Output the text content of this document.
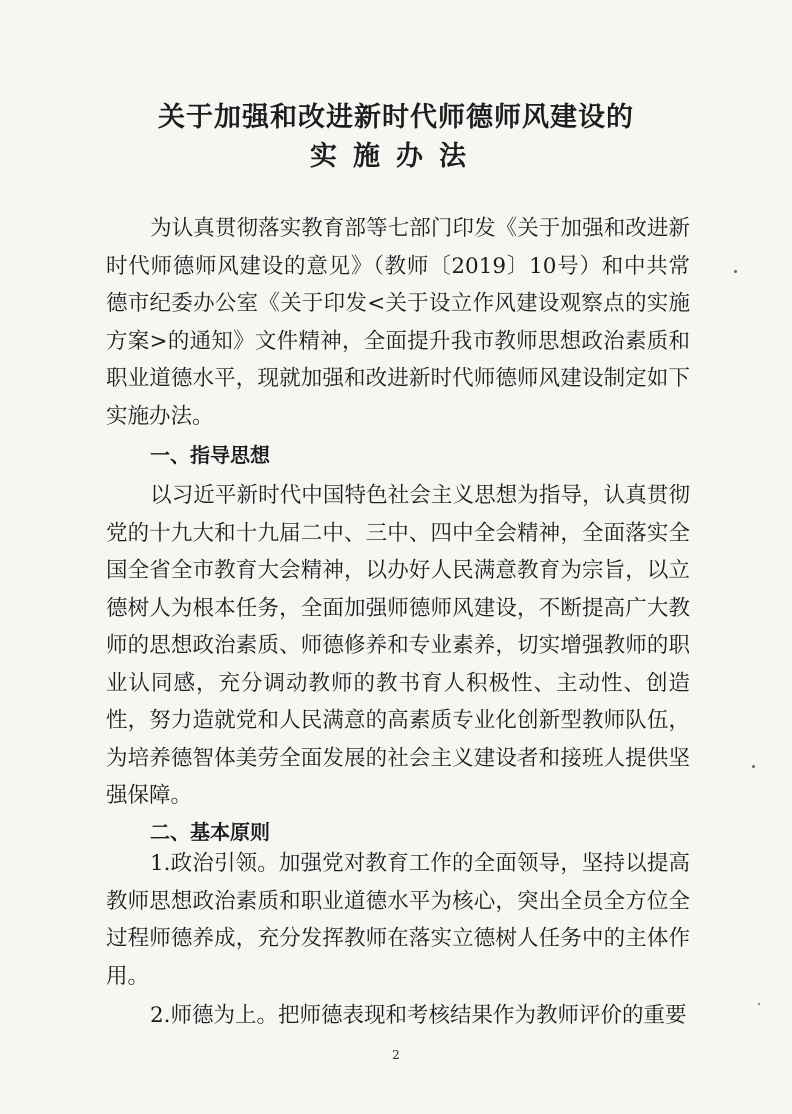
关于加强和改进新时代师德师风建设的
实施办法

为认真贯彻落实教育部等七部门印发《关于加强和改进新时代师德师风建设的意见》（教师〔2019〕10号）和中共常德市纪委办公室《关于印发<关于设立作风建设观察点的实施方案>的通知》文件精神，全面提升我市教师思想政治素质和职业道德水平，现就加强和改进新时代师德师风建设制定如下实施办法。

一、指导思想

以习近平新时代中国特色社会主义思想为指导，认真贯彻党的十九大和十九届二中、三中、四中全会精神，全面落实全国全省全市教育大会精神，以办好人民满意教育为宗旨，以立德树人为根本任务，全面加强师德师风建设，不断提高广大教师的思想政治素质、师德修养和专业素养，切实增强教师的职业认同感，充分调动教师的教书育人积极性、主动性、创造性，努力造就党和人民满意的高素质专业化创新型教师队伍，为培养德智体美劳全面发展的社会主义建设者和接班人提供坚强保障。

二、基本原则

1.政治引领。加强党对教育工作的全面领导，坚持以提高教师思想政治素质和职业道德水平为核心，突出全员全方位全过程师德养成，充分发挥教师在落实立德树人任务中的主体作用。

2.师德为上。把师德表现和考核结果作为教师评价的重要

2
